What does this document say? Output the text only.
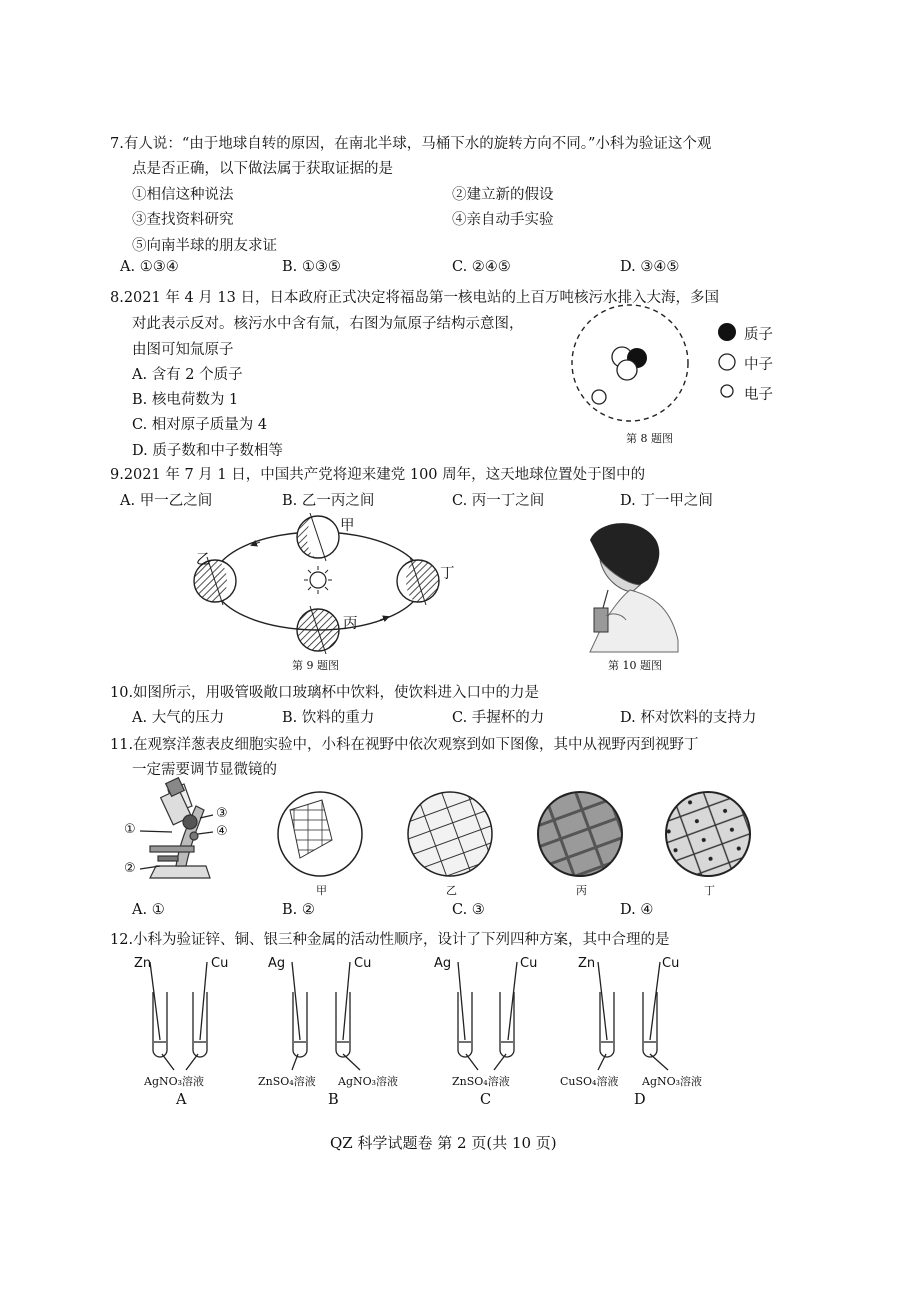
7.有人说：“由于地球自转的原因，在南北半球，马桶下水的旋转方向不同。”小科为验证这个观
点是否正确，以下做法属于获取证据的是
①相信这种说法	②建立新的假设
③查找资料研究	④亲自动手实验
⑤向南半球的朋友求证
A. ①③④	B. ①③⑤	C. ②④⑤	D. ③④⑤
8.2021 年 4 月 13 日，日本政府正式决定将福岛第一核电站的上百万吨核污水排入大海，多国
对此表示反对。核污水中含有氚，右图为氚原子结构示意图，
由图可知氚原子
A. 含有 2 个质子
B. 核电荷数为 1
C. 相对原子质量为 4
D. 质子数和中子数相等
质子
中子
电子
第 8 题图
9.2021 年 7 月 1 日，中国共产党将迎来建党 100 周年，这天地球位置处于图中的
A. 甲一乙之间	B. 乙一丙之间	C. 丙一丁之间	D. 丁一甲之间
甲
乙
丙
丁
第 9 题图	第 10 题图
10.如图所示，用吸管吸敞口玻璃杯中饮料，使饮料进入口中的力是
A. 大气的压力	B. 饮料的重力	C. 手握杯的力	D. 杯对饮料的支持力
11.在观察洋葱表皮细胞实验中，小科在视野中依次观察到如下图像，其中从视野丙到视野丁
一定需要调节显微镜的
①
②
③
④
甲	乙	丙	丁
A. ①	B. ②	C. ③	D. ④
12.小科为验证锌、铜、银三种金属的活动性顺序，设计了下列四种方案，其中合理的是
Zn	Cu
AgNO₃溶液
A
Ag	Cu
ZnSO₄溶液 AgNO₃溶液
B
Ag	Cu
ZnSO₄溶液
C
Zn	Cu
CuSO₄溶液 AgNO₃溶液
D
QZ 科学试题卷 第 2 页(共 10 页)
